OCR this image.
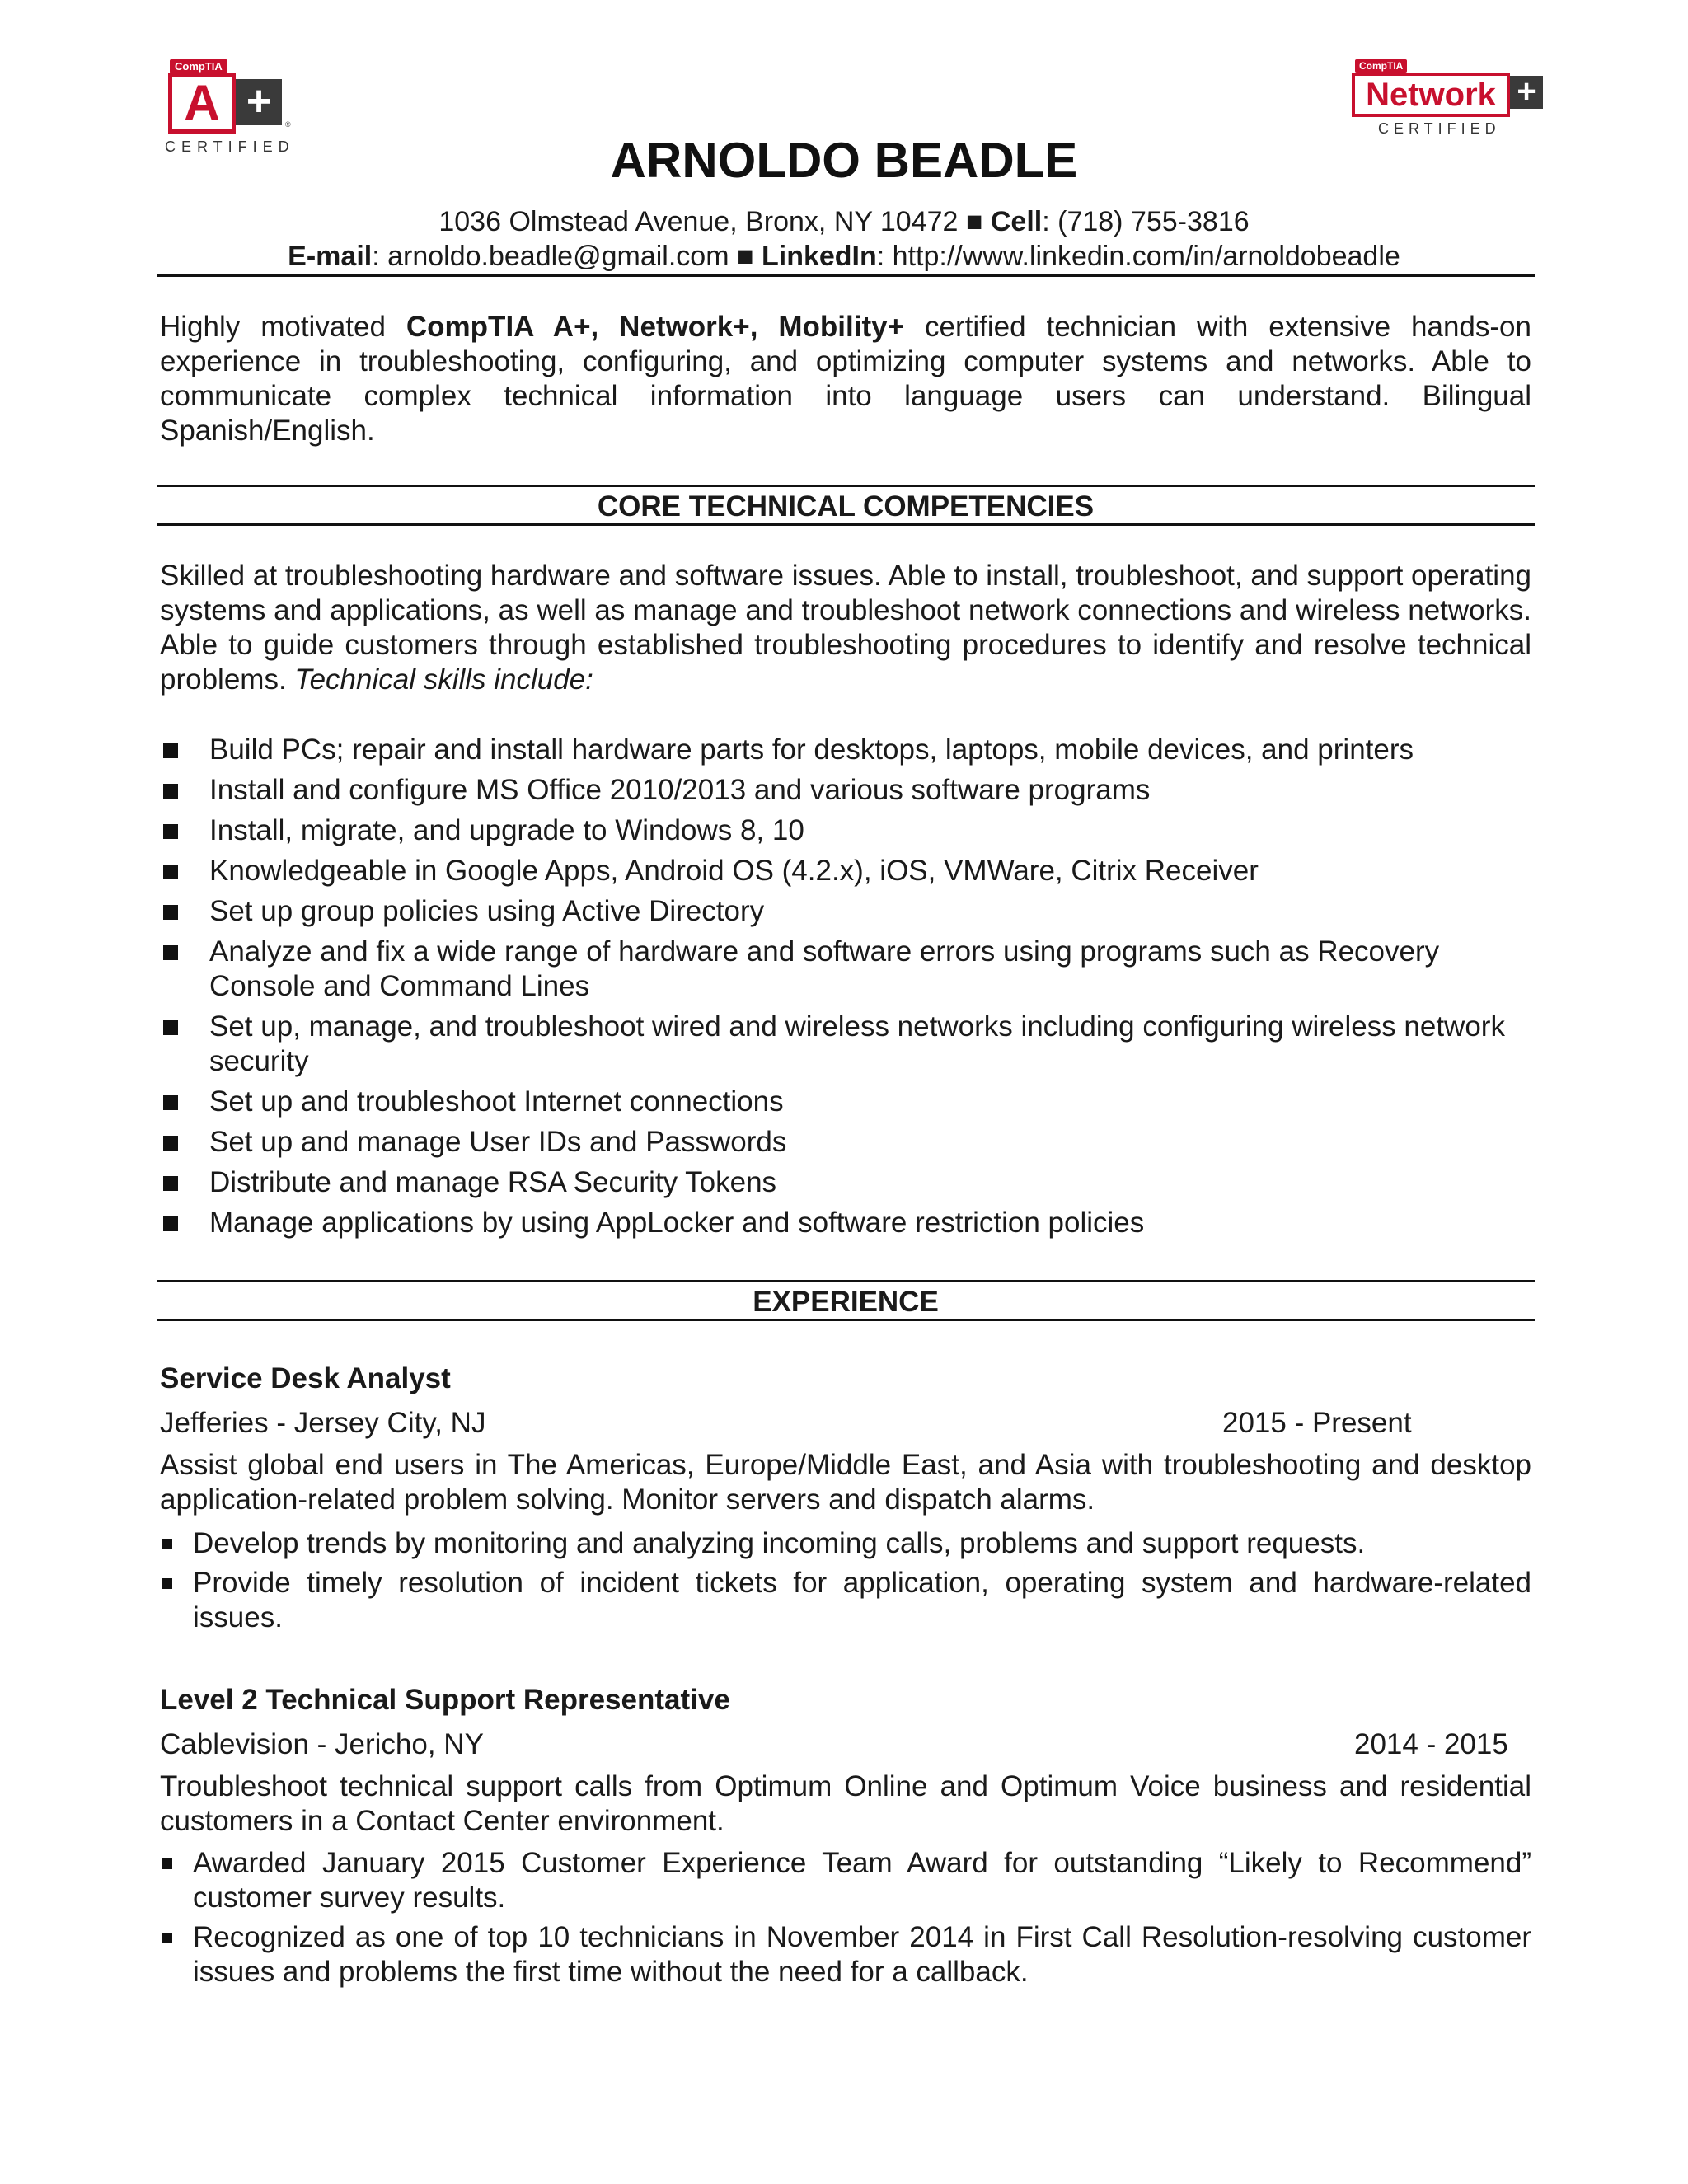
CompTIA
A +	®
CERTIFIED
CompTIA
Network +
CERTIFIED
ARNOLDO BEADLE
1036 Olmstead Avenue, Bronx, NY 10472 ■ Cell: (718) 755-3816
E-mail: arnoldo.beadle@gmail.com ■ LinkedIn: http://www.linkedin.com/in/arnoldobeadle
Highly motivated CompTIA A+, Network+, Mobility+ certified technician with extensive hands-on experience in troubleshooting, configuring, and optimizing computer systems and networks. Able to communicate complex technical information into language users can understand. Bilingual Spanish/English.
CORE TECHNICAL COMPETENCIES
Skilled at troubleshooting hardware and software issues. Able to install, troubleshoot, and support operating systems and applications, as well as manage and troubleshoot network connections and wireless networks. Able to guide customers through established troubleshooting procedures to identify and resolve technical problems. Technical skills include:
Build PCs; repair and install hardware parts for desktops, laptops, mobile devices, and printers
Install and configure MS Office 2010/2013 and various software programs
Install, migrate, and upgrade to Windows 8, 10
Knowledgeable in Google Apps, Android OS (4.2.x), iOS, VMWare, Citrix Receiver
Set up group policies using Active Directory
Analyze and fix a wide range of hardware and software errors using programs such as Recovery Console and Command Lines
Set up, manage, and troubleshoot wired and wireless networks including configuring wireless network security
Set up and troubleshoot Internet connections
Set up and manage User IDs and Passwords
Distribute and manage RSA Security Tokens
Manage applications by using AppLocker and software restriction policies
EXPERIENCE
Service Desk Analyst
Jefferies - Jersey City, NJ	2015 - Present
Assist global end users in The Americas, Europe/Middle East, and Asia with troubleshooting and desktop application-related problem solving. Monitor servers and dispatch alarms.
Develop trends by monitoring and analyzing incoming calls, problems and support requests.
Provide timely resolution of incident tickets for application, operating system and hardware-related issues.
Level 2 Technical Support Representative
Cablevision - Jericho, NY	2014 - 2015
Troubleshoot technical support calls from Optimum Online and Optimum Voice business and residential customers in a Contact Center environment.
Awarded January 2015 Customer Experience Team Award for outstanding “Likely to Recommend” customer survey results.
Recognized as one of top 10 technicians in November 2014 in First Call Resolution-resolving customer issues and problems the first time without the need for a callback.
